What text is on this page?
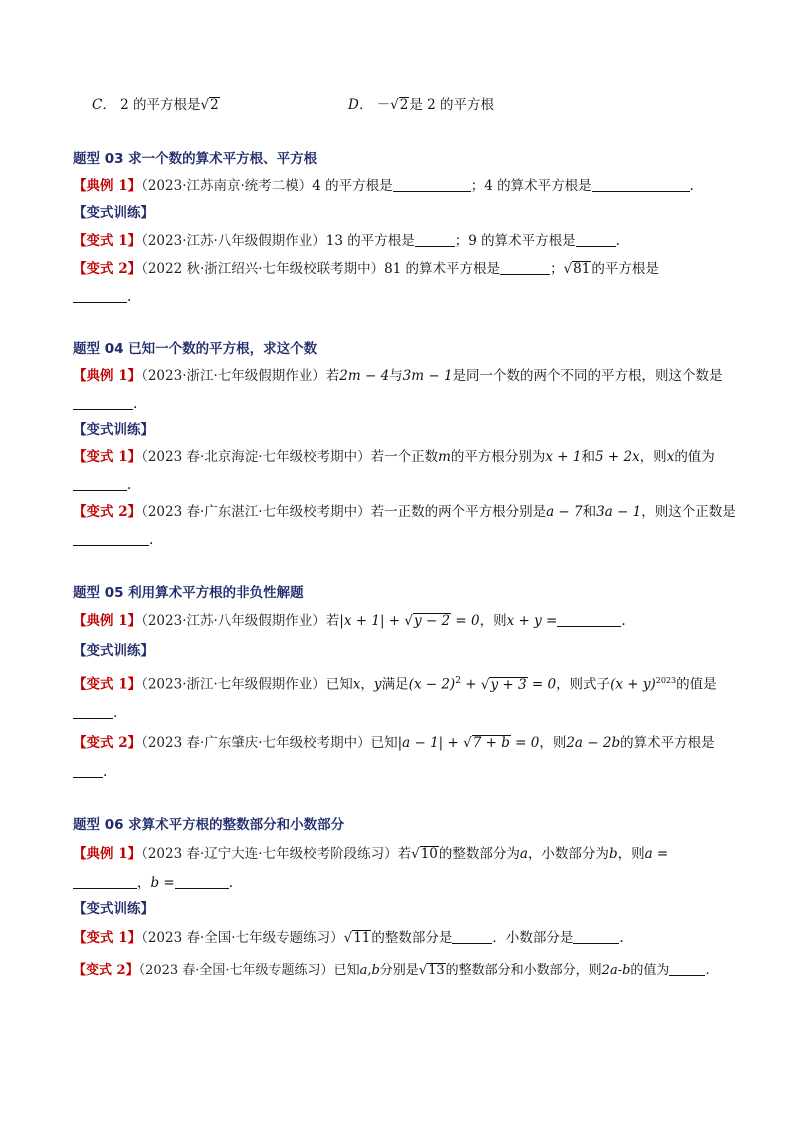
C． 2 的平方根是√2	D． －√2是 2 的平方根
题型 03 求一个数的算术平方根、平方根
【典例 1】（2023·江苏南京·统考二模）4 的平方根是	；4 的算术平方根是	.
【变式训练】
【变式 1】（2023·江苏·八年级假期作业）13 的平方根是	；9 的算术平方根是	.
【变式 2】（2022 秋·浙江绍兴·七年级校联考期中）81 的算术平方根是	；√81的平方根是
.
题型 04 已知一个数的平方根，求这个数
【典例 1】（2023·浙江·七年级假期作业）若2m − 4与3m − 1是同一个数的两个不同的平方根，则这个数是
.
【变式训练】
【变式 1】（2023 春·北京海淀·七年级校考期中）若一个正数m的平方根分别为x + 1和5 + 2x，则x的值为
.
【变式 2】（2023 春·广东湛江·七年级校考期中）若一正数的两个平方根分别是a − 7和3a − 1，则这个正数是
.
题型 05 利用算术平方根的非负性解题
【典例 1】（2023·江苏·八年级假期作业）若|x + 1| + √y − 2 = 0，则x + y =	.
【变式训练】
【变式 1】（2023·浙江·七年级假期作业）已知x，y满足$(x - 2)^2 + √y + 3 = 0$，则式子$(x + y)^{2023}$的值是
.
【变式 2】（2023 春·广东肇庆·七年级校考期中）已知|a − 1| + √7 + b = 0，则2a − 2b的算术平方根是
.
题型 06 求算术平方根的整数部分和小数部分
【典例 1】（2023 春·辽宁大连·七年级校考阶段练习）若√10的整数部分为a，小数部分为b，则a =
，b =	.
【变式训练】
【变式 1】（2023 春·全国·七年级专题练习）√11的整数部分是	．小数部分是	.
【变式 2】（2023 春·全国·七年级专题练习）已知a,b分别是√13的整数部分和小数部分，则2a-b的值为	.
